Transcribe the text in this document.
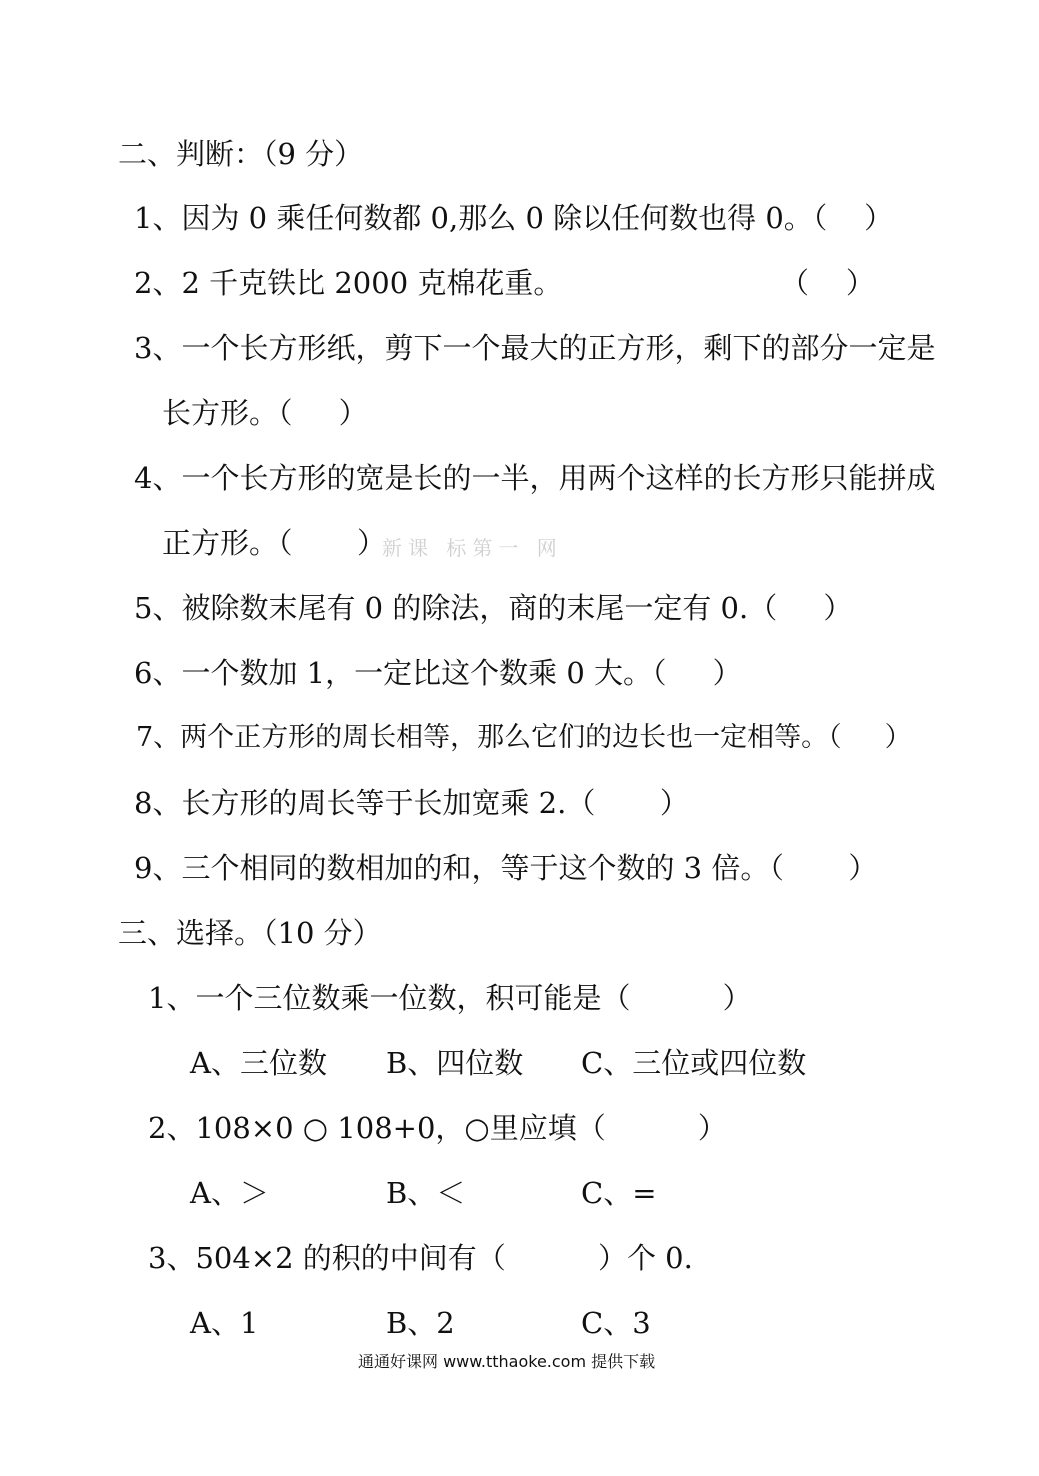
二、判断：（9 分）
1、因为 0 乘任何数都 0,那么 0 除以任何数也得 0。（    ）
2、2 千克铁比 2000 克棉花重。	（    ）
3、一个长方形纸，剪下一个最大的正方形，剩下的部分一定是
长方形。（     ）
4、一个长方形的宽是长的一半，用两个这样的长方形只能拼成
正方形。（       ）
新课 标第一 网
5、被除数末尾有 0 的除法，商的末尾一定有 0.（     ）
6、一个数加 1，一定比这个数乘 0 大。（     ）
7、两个正方形的周长相等，那么它们的边长也一定相等。（     ）
8、长方形的周长等于长加宽乘 2.（       ）
9、三个相同的数相加的和，等于这个数的 3 倍。（       ）
三、选择。（10 分）
1、一个三位数乘一位数，积可能是（          ）
A、三位数 B、四位数 C、三位或四位数
2、108×0 ○ 108+0，○里应填（          ）
A、＞	B、＜	C、=
3、504×2 的积的中间有（          ）个 0.
A、1	B、2	C、3
通通好课网 www.tthaoke.com 提供下载
